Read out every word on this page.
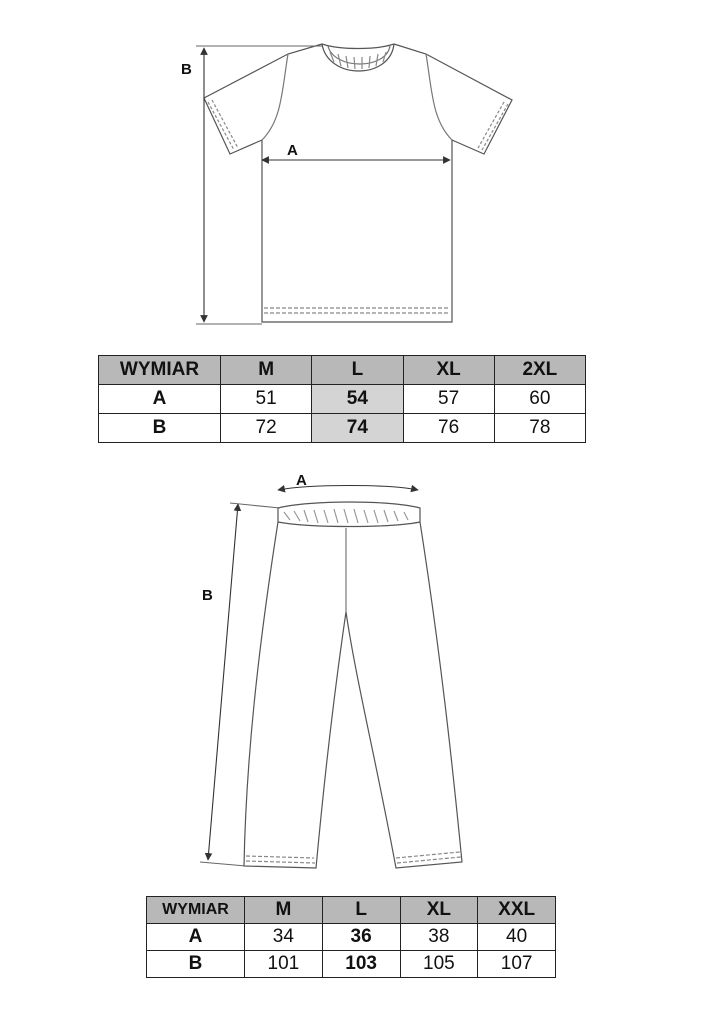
A
B
A
B
WYMIAR	M	L	XL	2XL
A	51	54	57	60
B	72	74	76	78
WYMIAR	M	L	XL	XXL
A	34	36	38	40
B	101	103	105	107
